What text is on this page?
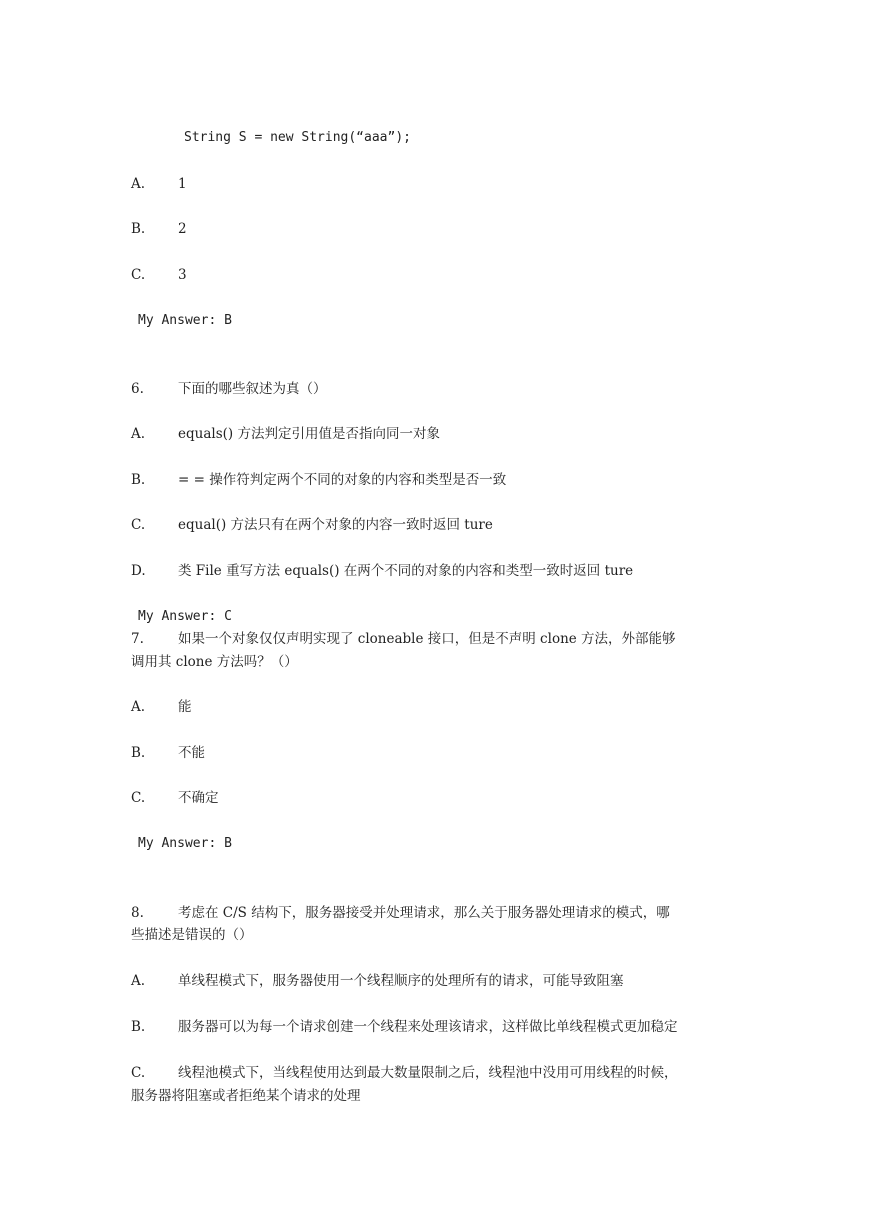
String S = new String(“aaa”);
A. 1
B. 2
C. 3
My Answer: B
6.	下面的哪些叙述为真（）
A. equals() 方法判定引用值是否指向同一对象
B. = = 操作符判定两个不同的对象的内容和类型是否一致
C. equal() 方法只有在两个对象的内容一致时返回 ture
D. 类 File 重写方法 equals() 在两个不同的对象的内容和类型一致时返回 ture
My Answer: C
7.	如果一个对象仅仅声明实现了 cloneable 接口，但是不声明 clone 方法，外部能够
调用其 clone 方法吗？（）
A. 能
B. 不能
C. 不确定
My Answer: B
8.	考虑在 C/S 结构下，服务器接受并处理请求，那么关于服务器处理请求的模式，哪
些描述是错误的（）
A. 单线程模式下，服务器使用一个线程顺序的处理所有的请求，可能导致阻塞
B. 服务器可以为每一个请求创建一个线程来处理该请求，这样做比单线程模式更加稳定
C. 线程池模式下，当线程使用达到最大数量限制之后，线程池中没用可用线程的时候，
服务器将阻塞或者拒绝某个请求的处理
